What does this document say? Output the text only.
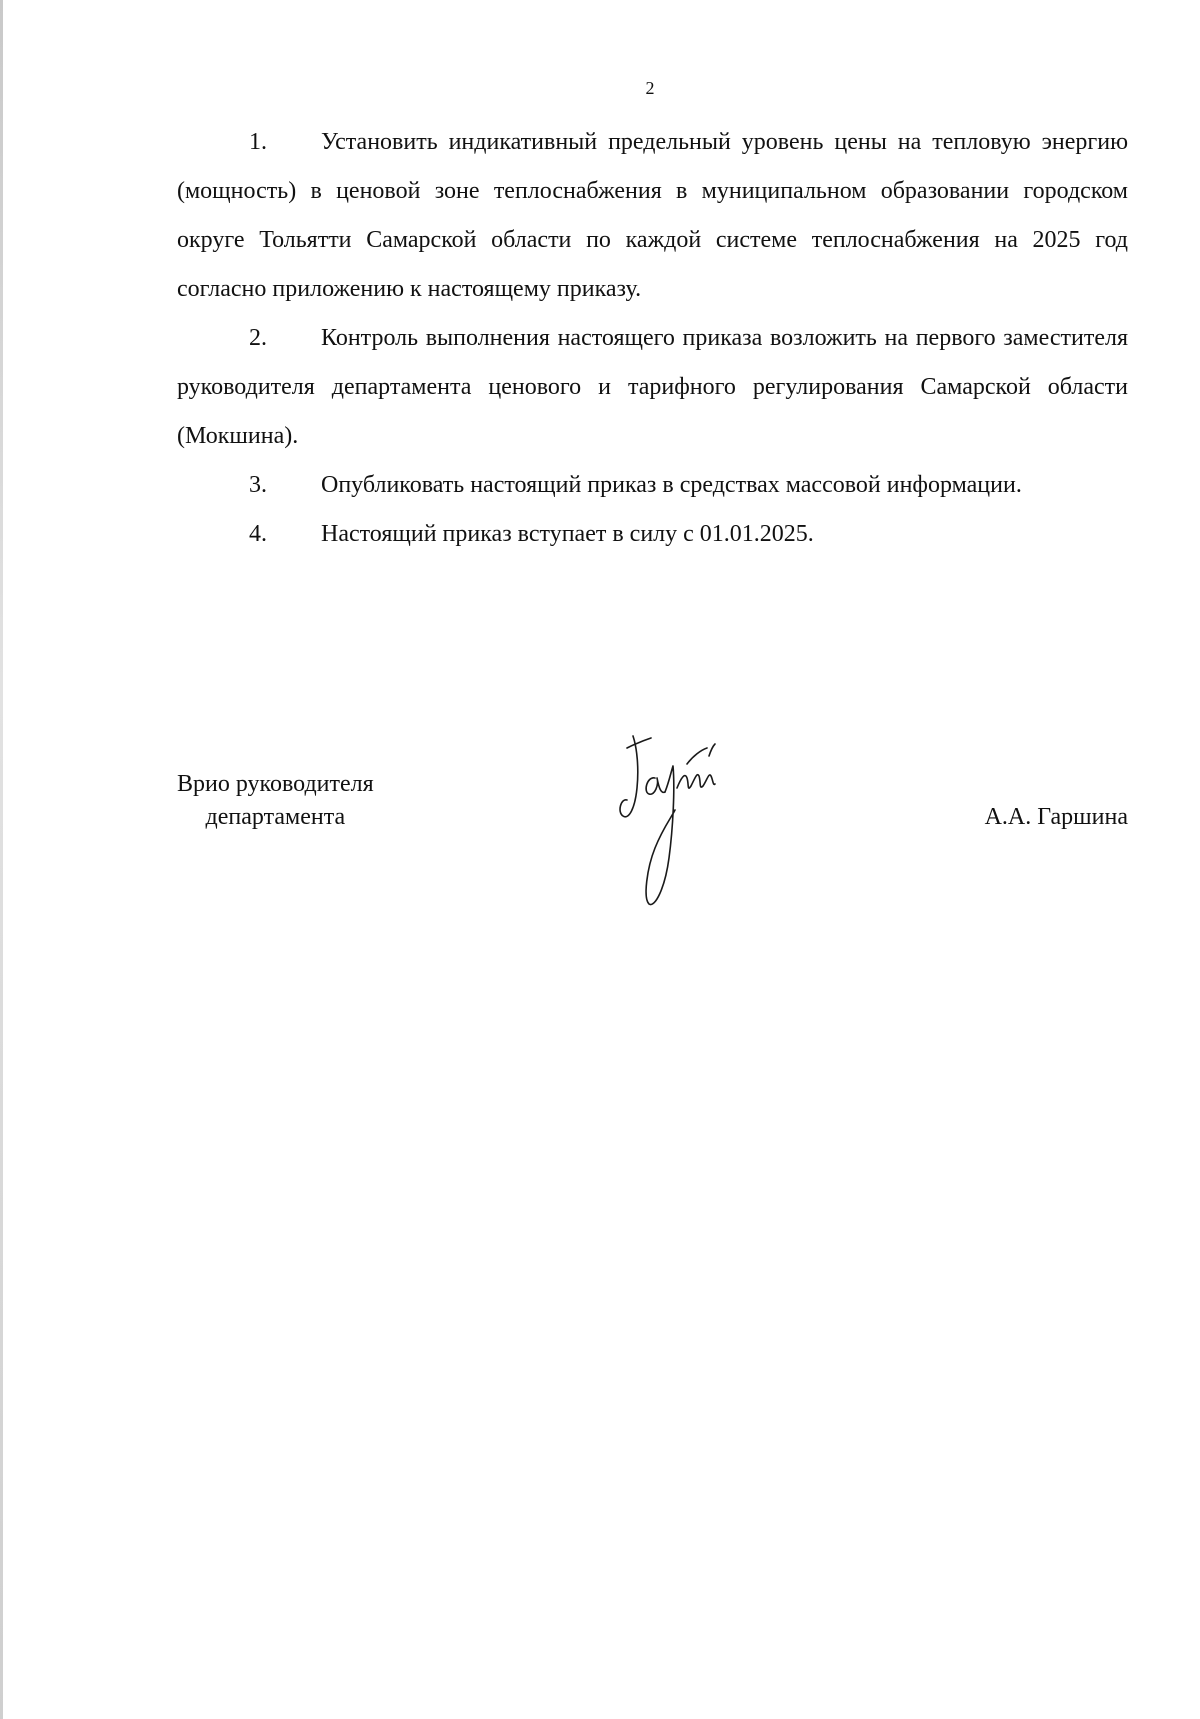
2

1. Установить индикативный предельный уровень цены на тепловую энергию (мощность) в ценовой зоне теплоснабжения в муниципальном образовании городском округе Тольятти Самарской области по каждой системе теплоснабжения на 2025 год согласно приложению к настоящему приказу.

2. Контроль выполнения настоящего приказа возложить на первого заместителя руководителя департамента ценового и тарифного регулирования Самарской области (Мокшина).

3. Опубликовать настоящий приказ в средствах массовой информации.

4. Настоящий приказ вступает в силу с 01.01.2025.

Врио руководителя
департамента	А.А. Гаршина
